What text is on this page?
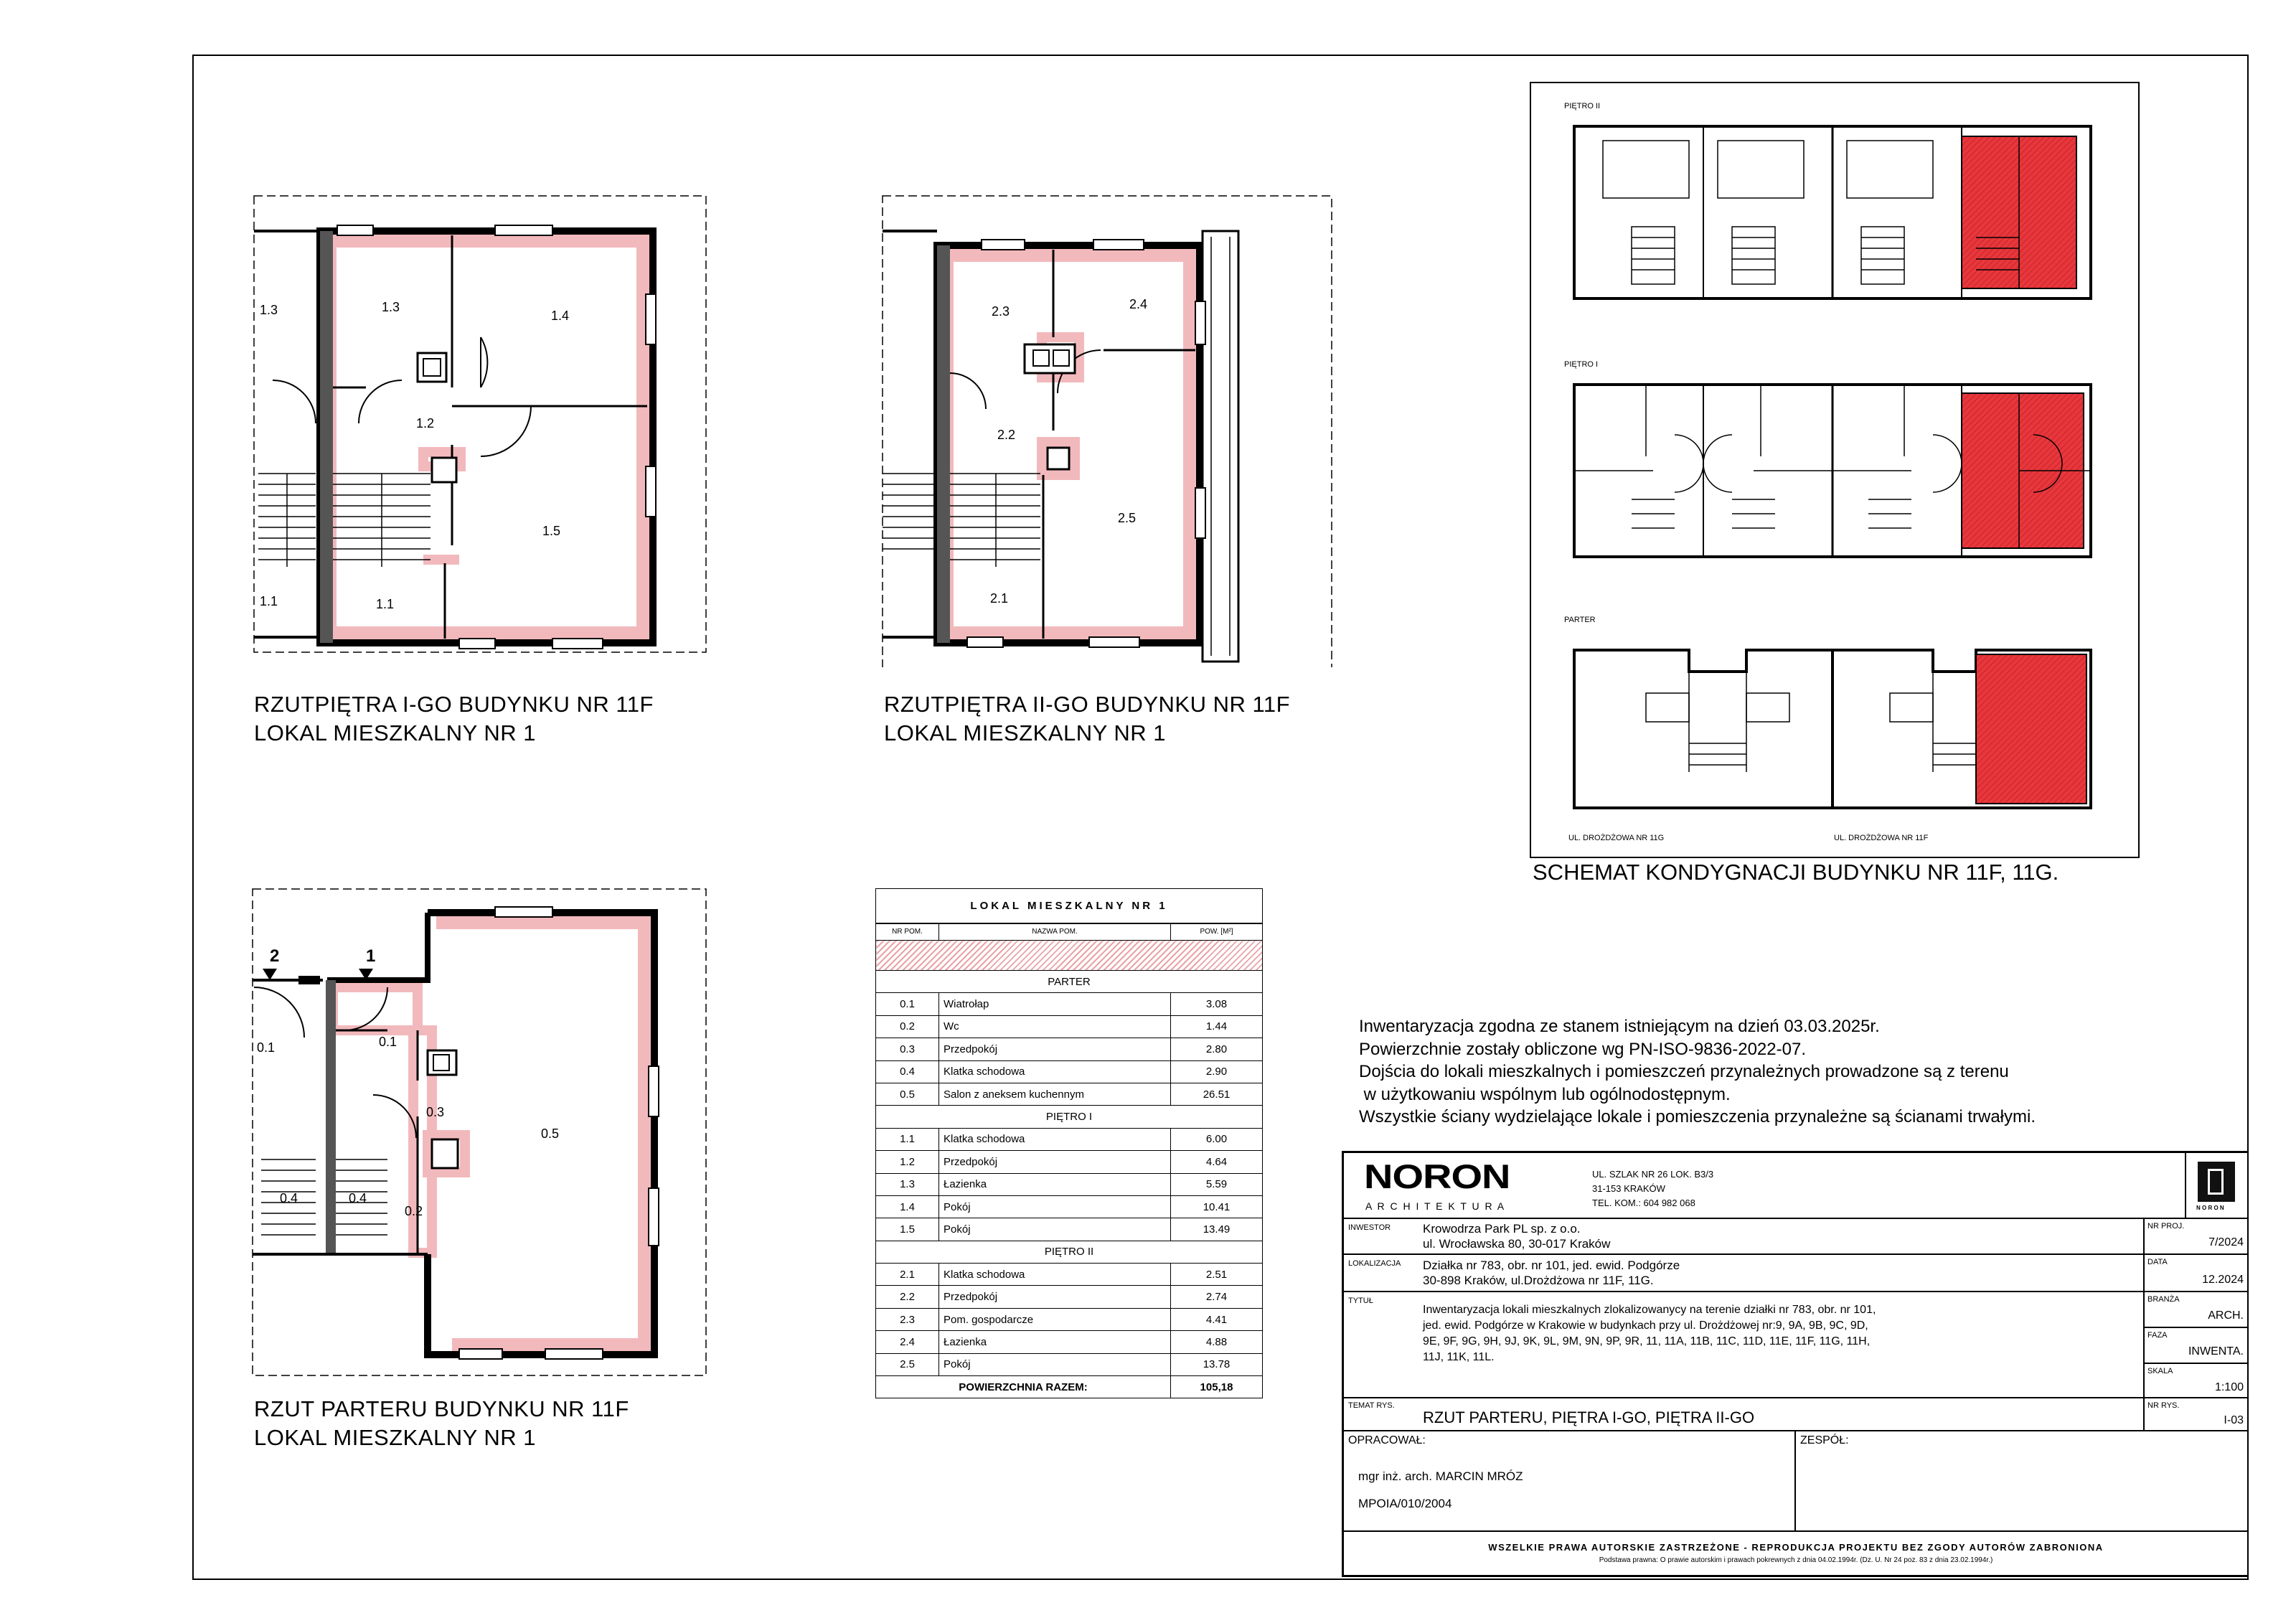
1.3	1.3
1.4
1.2
1.5
1.1	1.1
RZUTPIĘTRA I-GO BUDYNKU NR 11F
LOKAL MIESZKALNY NR 1
2.3	2.4
2.2
2.5
2.1
RZUTPIĘTRA II-GO BUDYNKU NR 11F
LOKAL MIESZKALNY NR 1
2	1
0.1	0.1
0.3
0.5
0.4	0.4
0.2
RZUT PARTERU BUDYNKU NR 11F
LOKAL MIESZKALNY NR 1
PIĘTRO II
PIĘTRO I
PARTER
UL. DROŻDŻOWA NR 11G	UL. DROŻDŻOWA NR 11F
SCHEMAT KONDYGNACJI BUDYNKU NR 11F, 11G.
LOKAL MIESZKALNY NR 1		
NR POM.	NAZWA POM.	POW. [M²]

PARTER		
0.1	Wiatrołap	3.08
0.2	Wc	1.44
0.3	Przedpokój	2.80
0.4	Klatka schodowa	2.90
0.5	Salon z aneksem kuchennym	26.51
PIĘTRO I		
1.1	Klatka schodowa	6.00
1.2	Przedpokój	4.64
1.3	Łazienka	5.59
1.4	Pokój	10.41
1.5	Pokój	13.49
PIĘTRO II		
2.1	Klatka schodowa	2.51
2.2	Przedpokój	2.74
2.3	Pom. gospodarcze	4.41
2.4	Łazienka	4.88
2.5	Pokój	13.78
POWIERZCHNIA RAZEM:		105,18
Inwentaryzacja zgodna ze stanem istniejącym na dzień 03.03.2025r.
Powierzchnie zostały obliczone wg PN-ISO-9836-2022-07.
Dojścia do lokali mieszkalnych i pomieszczeń przynależnych prowadzone są z terenu
w użytkowaniu wspólnym lub ogólnodostępnym.
Wszystkie ściany wydzielające lokale i pomieszczenia przynależne są ścianami trwałymi.
NORON
A R C H I T E K T U R A
UL. SZLAK NR 26 LOK. B3/3
31-153 KRAKÓW
TEL. KOM.: 604 982 068	N O R O N
INWESTOR	Krowodrza Park PL sp. z o.o.
ul. Wrocławska 80, 30-017 Kraków
NR PROJ.
7/2024
LOKALIZACJA Działka nr 783, obr. nr 101, jed. ewid. Podgórze
30-898 Kraków, ul.Drożdżowa nr 11F, 11G.
DATA
12.2024
TYTUŁ
Inwentaryzacja lokali mieszkalnych zlokalizowanycy na terenie działki nr 783, obr. nr 101,
jed. ewid. Podgórze w Krakowie w budynkach przy ul. Drożdżowej nr:9, 9A, 9B, 9C, 9D,
9E, 9F, 9G, 9H, 9J, 9K, 9L, 9M, 9N, 9P, 9R, 11, 11A, 11B, 11C, 11D, 11E, 11F, 11G, 11H,
11J, 11K, 11L.
BRANŻA
ARCH.
FAZA
INWENTA.
SKALA
1:100
TEMAT RYS.
RZUT PARTERU, PIĘTRA I-GO, PIĘTRA II-GO
NR RYS.
I-03
OPRACOWAŁ:
mgr inż. arch. MARCIN MRÓZ
MPOIA/010/2004
ZESPÓŁ:
WSZELKIE PRAWA AUTORSKIE ZASTRZEŻONE - REPRODUKCJA PROJEKTU BEZ ZGODY AUTORÓW ZABRONIONA
Podstawa prawna: O prawie autorskim i prawach pokrewnych z dnia 04.02.1994r. (Dz. U. Nr 24 poz. 83 z dnia 23.02.1994r.)
